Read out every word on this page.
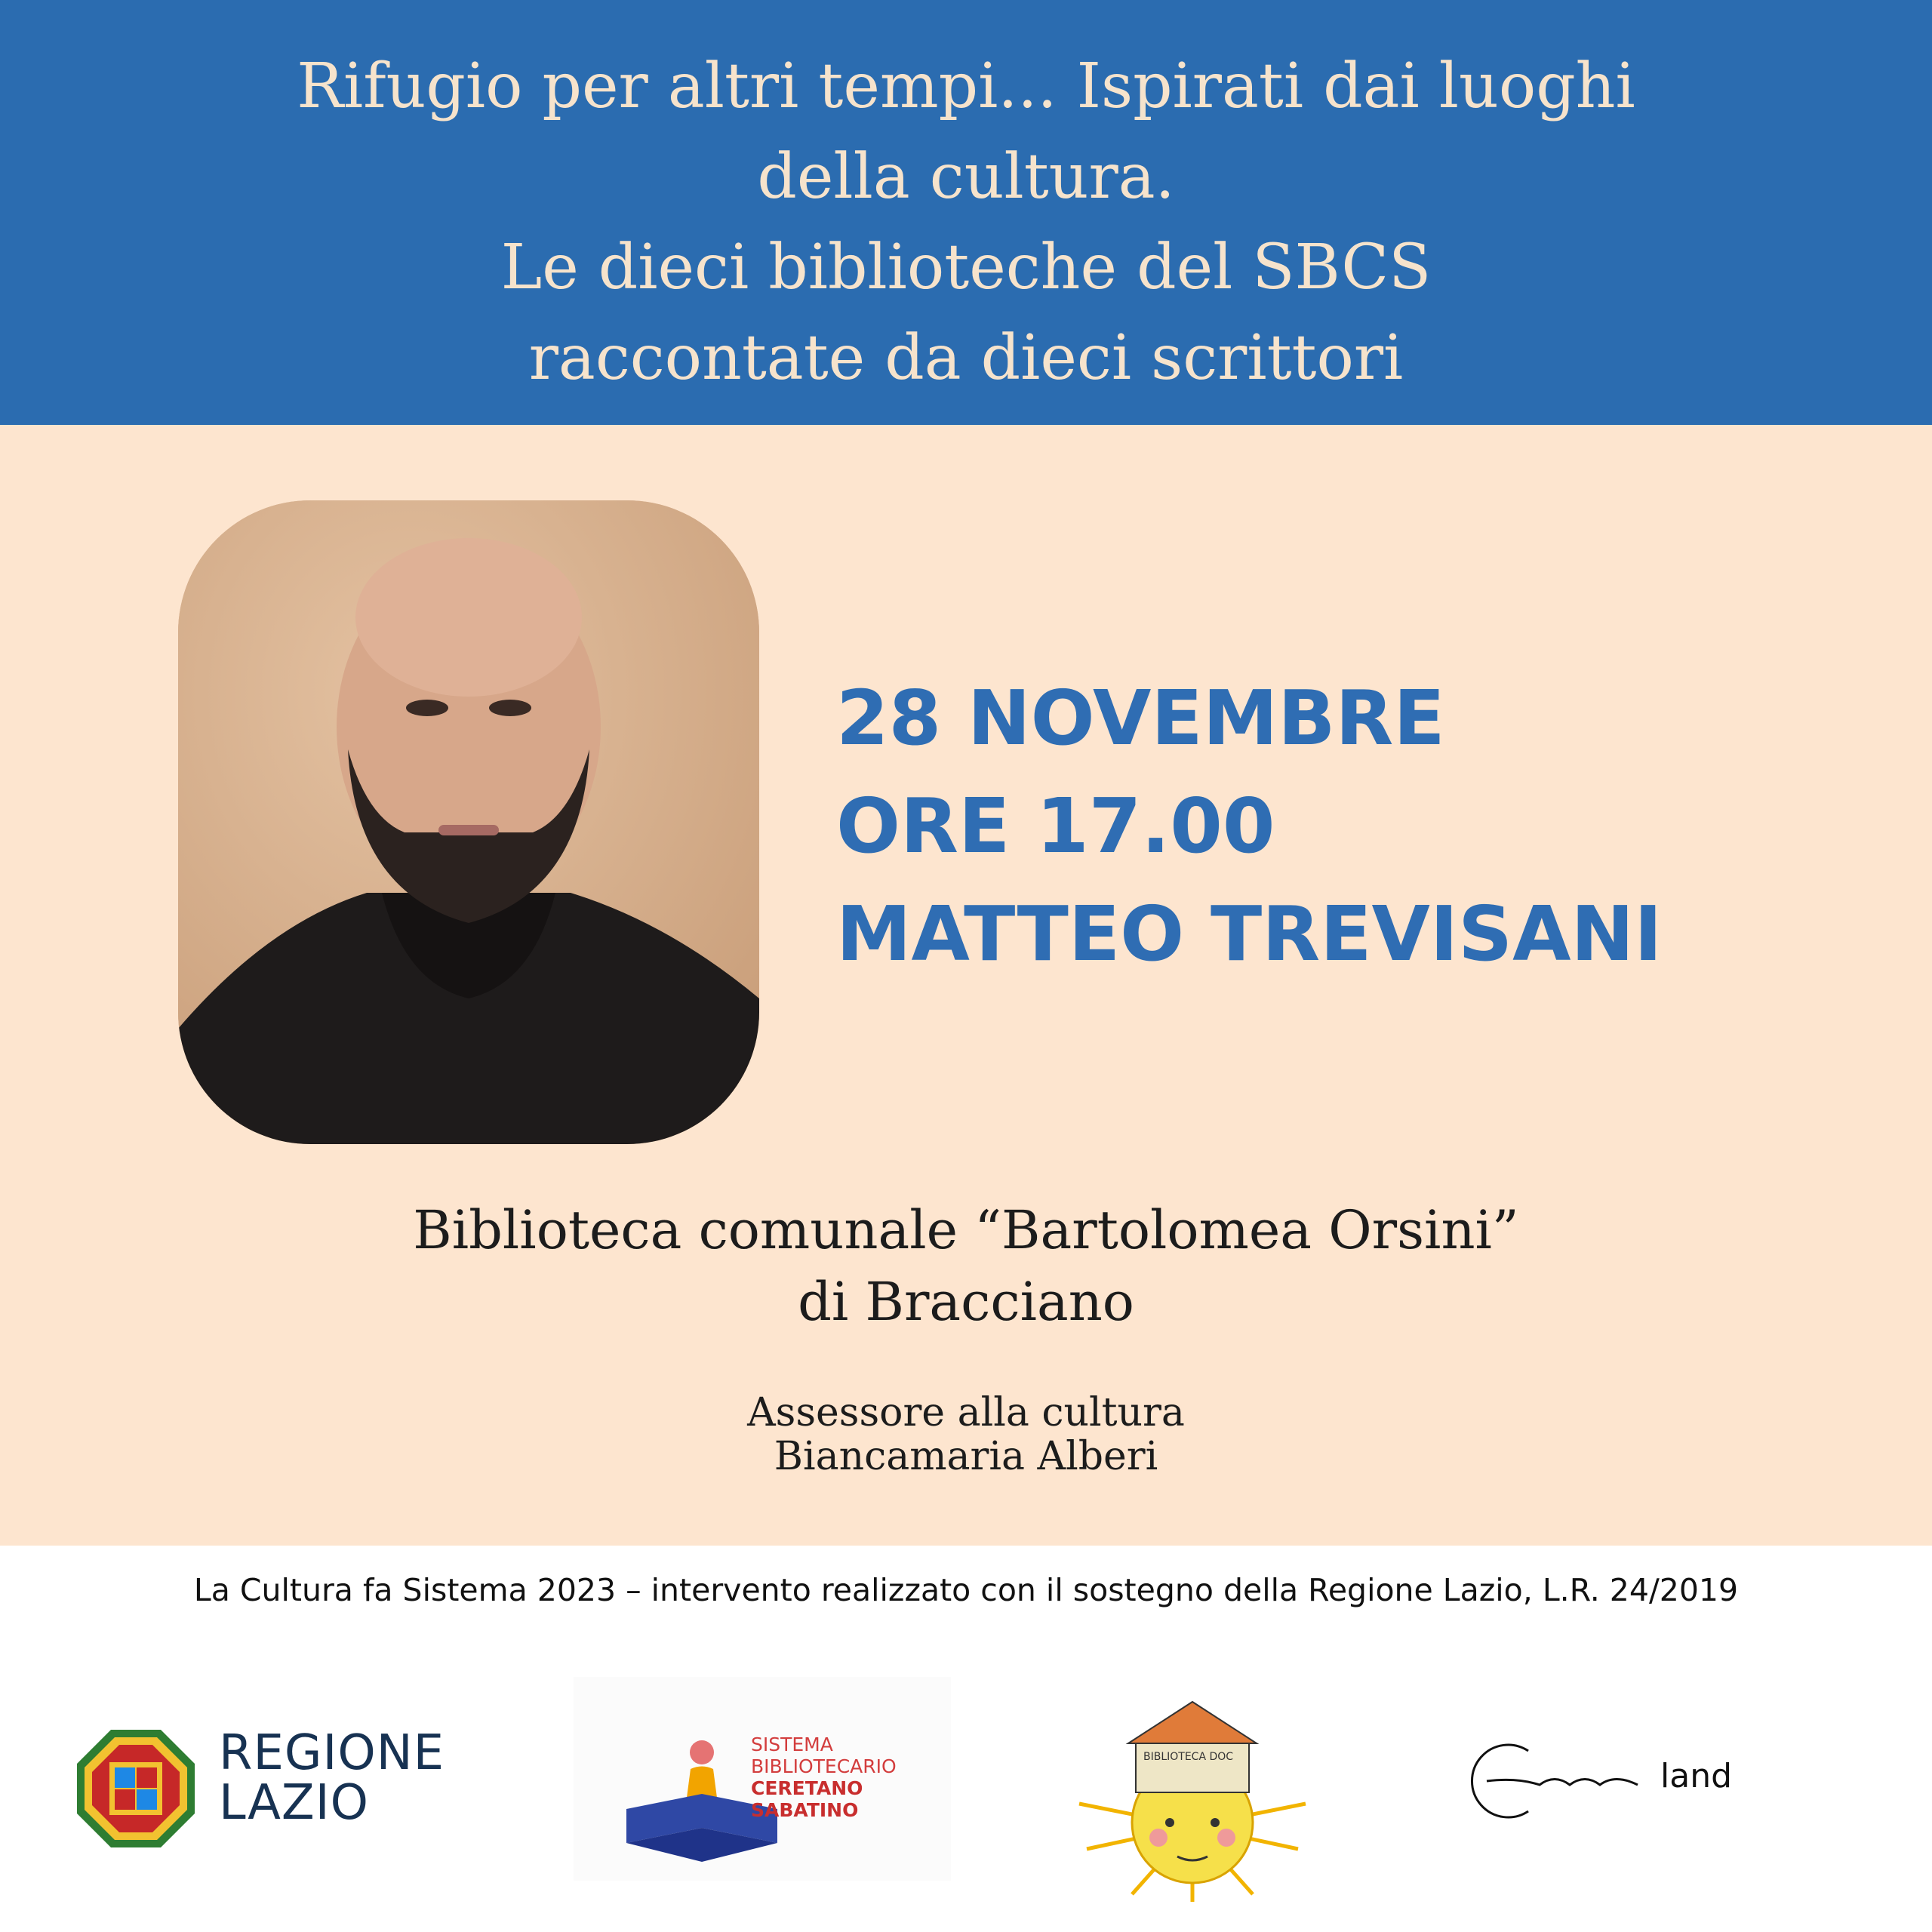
Rifugio per altri tempi... Ispirati dai luoghi
della cultura.
Le dieci biblioteche del SBCS
raccontate da dieci scrittori
28 NOVEMBRE
ORE 17.00
MATTEO TREVISANI
Biblioteca comunale “Bartolomea Orsini”
di Bracciano
Assessore alla cultura
Biancamaria Alberi
La Cultura fa Sistema 2023 – intervento realizzato con il sostegno della Regione Lazio, L.R. 24/2019
REGIONE
LAZIO
SISTEMA
BIBLIOTECARIO
CERETANO
SABATINO
BIBLIOTECA DOC	land
